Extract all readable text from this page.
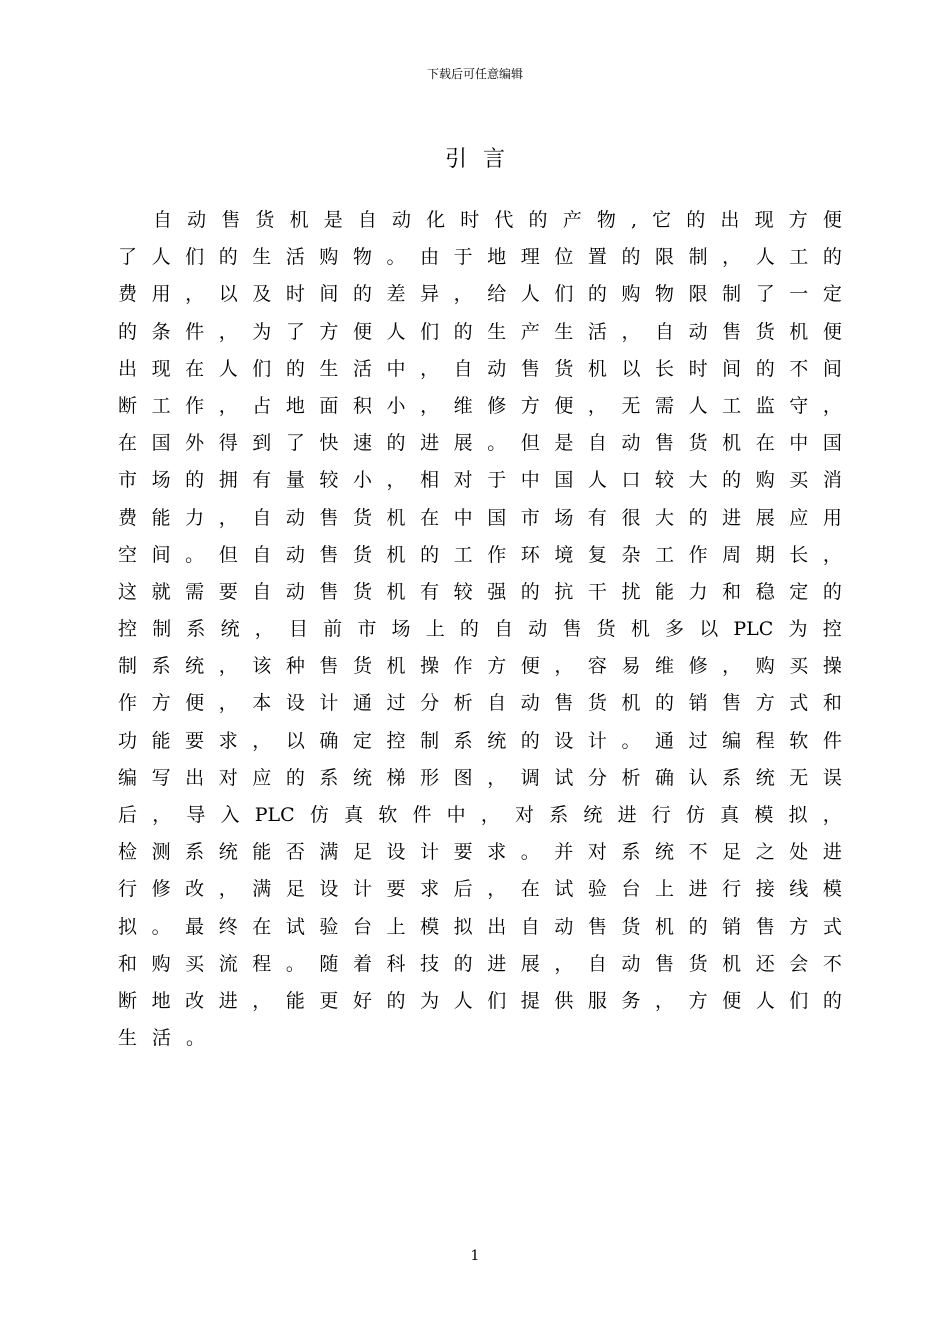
下载后可任意编辑
引言
自 动 售 货 机 是 自 动 化 时 代 的 产 物 , 它 的 出 现 方 便
了 人 们 的 生 活 购 物 。 由 于 地 理 位 置 的 限 制 ， 人 工 的
费 用 ， 以 及 时 间 的 差 异 ， 给 人 们 的 购 物 限 制 了 一 定
的 条 件 ， 为 了 方 便 人 们 的 生 产 生 活 ， 自 动 售 货 机 便
出 现 在 人 们 的 生 活 中 ， 自 动 售 货 机 以 长 时 间 的 不 间
断 工 作 ， 占 地 面 积 小 ， 维 修 方 便 ， 无 需 人 工 监 守 ，
在 国 外 得 到 了 快 速 的 进 展 。 但 是 自 动 售 货 机 在 中 国
市 场 的 拥 有 量 较 小 ， 相 对 于 中 国 人 口 较 大 的 购 买 消
费 能 力 ， 自 动 售 货 机 在 中 国 市 场 有 很 大 的 进 展 应 用
空 间 。 但 自 动 售 货 机 的 工 作 环 境 复 杂 工 作 周 期 长 ，
这 就 需 要 自 动 售 货 机 有 较 强 的 抗 干 扰 能 力 和 稳 定 的
控 制 系 统 ， 目 前 市 场 上 的 自 动 售 货 机 多 以 PLC 为 控
制 系 统 ， 该 种 售 货 机 操 作 方 便 ， 容 易 维 修 ， 购 买 操
作 方 便 ， 本 设 计 通 过 分 析 自 动 售 货 机 的 销 售 方 式 和
功 能 要 求 ， 以 确 定 控 制 系 统 的 设 计 。 通 过 编 程 软 件
编 写 出 对 应 的 系 统 梯 形 图 ， 调 试 分 析 确 认 系 统 无 误
后 ， 导 入 PLC 仿 真 软 件 中 ， 对 系 统 进 行 仿 真 模 拟 ，
检 测 系 统 能 否 满 足 设 计 要 求 。 并 对 系 统 不 足 之 处 进
行 修 改 ， 满 足 设 计 要 求 后 ， 在 试 验 台 上 进 行 接 线 模
拟 。 最 终 在 试 验 台 上 模 拟 出 自 动 售 货 机 的 销 售 方 式
和 购 买 流 程 。 随 着 科 技 的 进 展 ， 自 动 售 货 机 还 会 不
断 地 改 进 ， 能 更 好 的 为 人 们 提 供 服 务 ， 方 便 人 们 的
生 活 。
1
